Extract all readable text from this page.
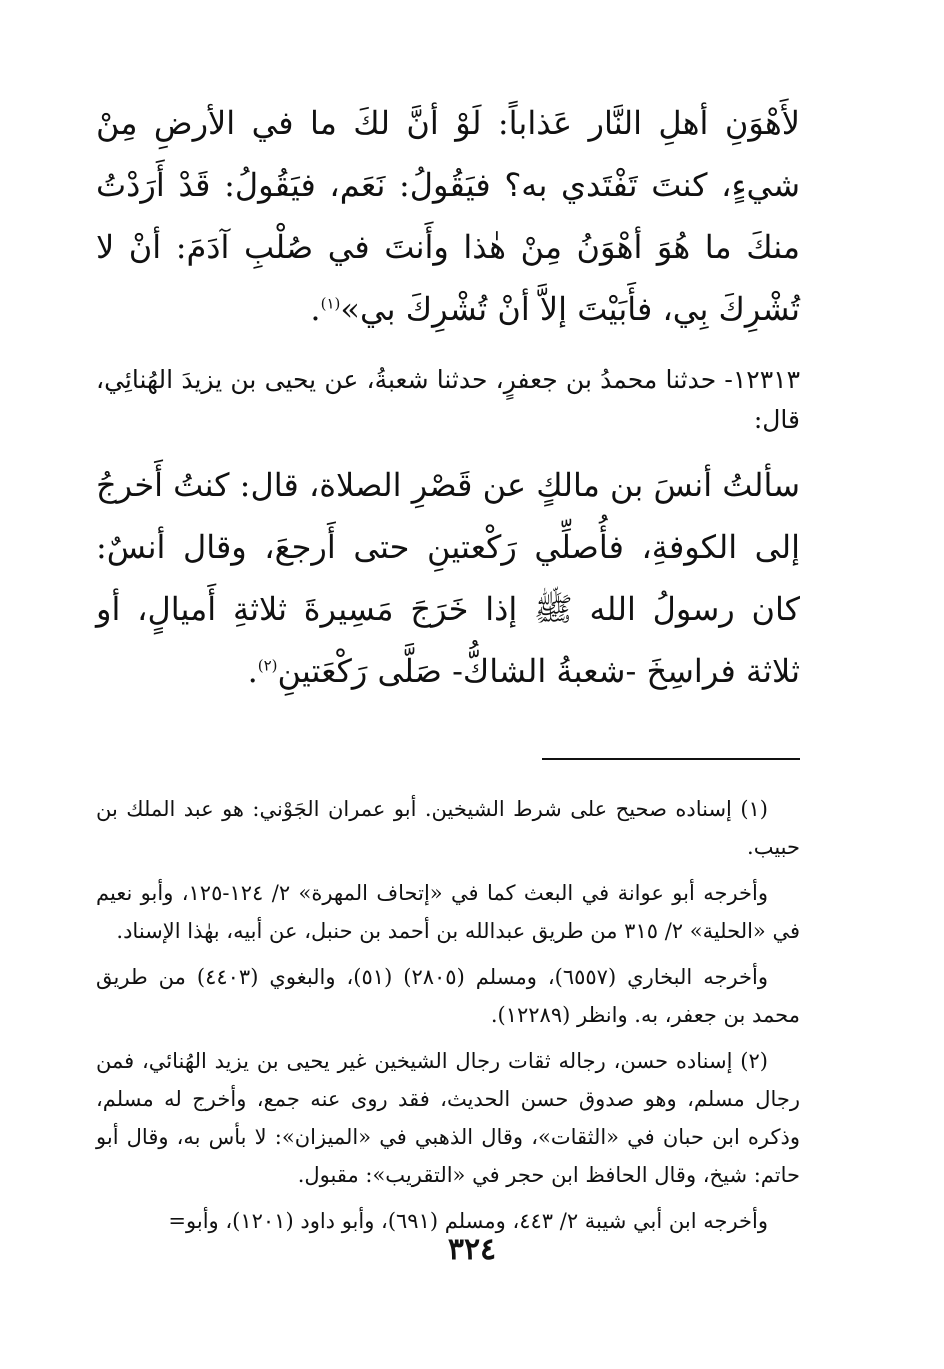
لأَهْوَنِ أهلِ النَّار عَذاباً: لَوْ أنَّ لكَ ما في الأرضِ مِنْ شيءٍ، كنتَ تَفْتَدي به؟ فيَقُولُ: نَعَم، فيَقُولُ: قَدْ أَرَدْتُ منكَ ما هُوَ أهْوَنُ مِنْ هٰذا وأَنتَ في صُلْبِ آدَمَ: أنْ لا تُشْرِكَ بِي، فأَبَيْتَ إلاَّ أنْ تُشْرِكَ بي»$^{(١)}$.

١٢٣١٣- حدثنا محمدُ بن جعفرٍ، حدثنا شعبةُ، عن يحيى بن يزيدَ الهُنائِي، قال:

سألتُ أنسَ بن مالكٍ عن قَصْرِ الصلاة، قال: كنتُ أَخرجُ إلى الكوفةِ، فأُصلِّي رَكْعتينِ حتى أَرجعَ، وقال أنسٌ: كان رسولُ الله ﷺ إذا خَرَجَ مَسِيرةَ ثلاثةِ أَميالٍ، أو ثلاثة فراسِخَ -شعبةُ الشاكُّ- صَلَّى رَكْعَتينِ$^{(٢)}$.

(١) إسناده صحيح على شرط الشيخين. أبو عمران الجَوْني: هو عبد الملك بن حبيب.

وأخرجه أبو عوانة في البعث كما في «إتحاف المهرة» ٢/ ١٢٤-١٢٥، وأبو نعيم في «الحلية» ٢/ ٣١٥ من طريق عبدالله بن أحمد بن حنبل، عن أبيه، بهٰذا الإسناد.

وأخرجه البخاري (٦٥٥٧)، ومسلم (٢٨٠٥) (٥١)، والبغوي (٤٤٠٣) من طريق محمد بن جعفر، به. وانظر (١٢٢٨٩).

(٢) إسناده حسن، رجاله ثقات رجال الشيخين غير يحيى بن يزيد الهُنائي، فمن رجال مسلم، وهو صدوق حسن الحديث، فقد روى عنه جمع، وأخرج له مسلم، وذكره ابن حبان في «الثقات»، وقال الذهبي في «الميزان»: لا بأس به، وقال أبو حاتم: شيخ، وقال الحافظ ابن حجر في «التقريب»: مقبول.

وأخرجه ابن أبي شيبة ٢/ ٤٤٣، ومسلم (٦٩١)، وأبو داود (١٢٠١)، وأبو=

٣٢٤
